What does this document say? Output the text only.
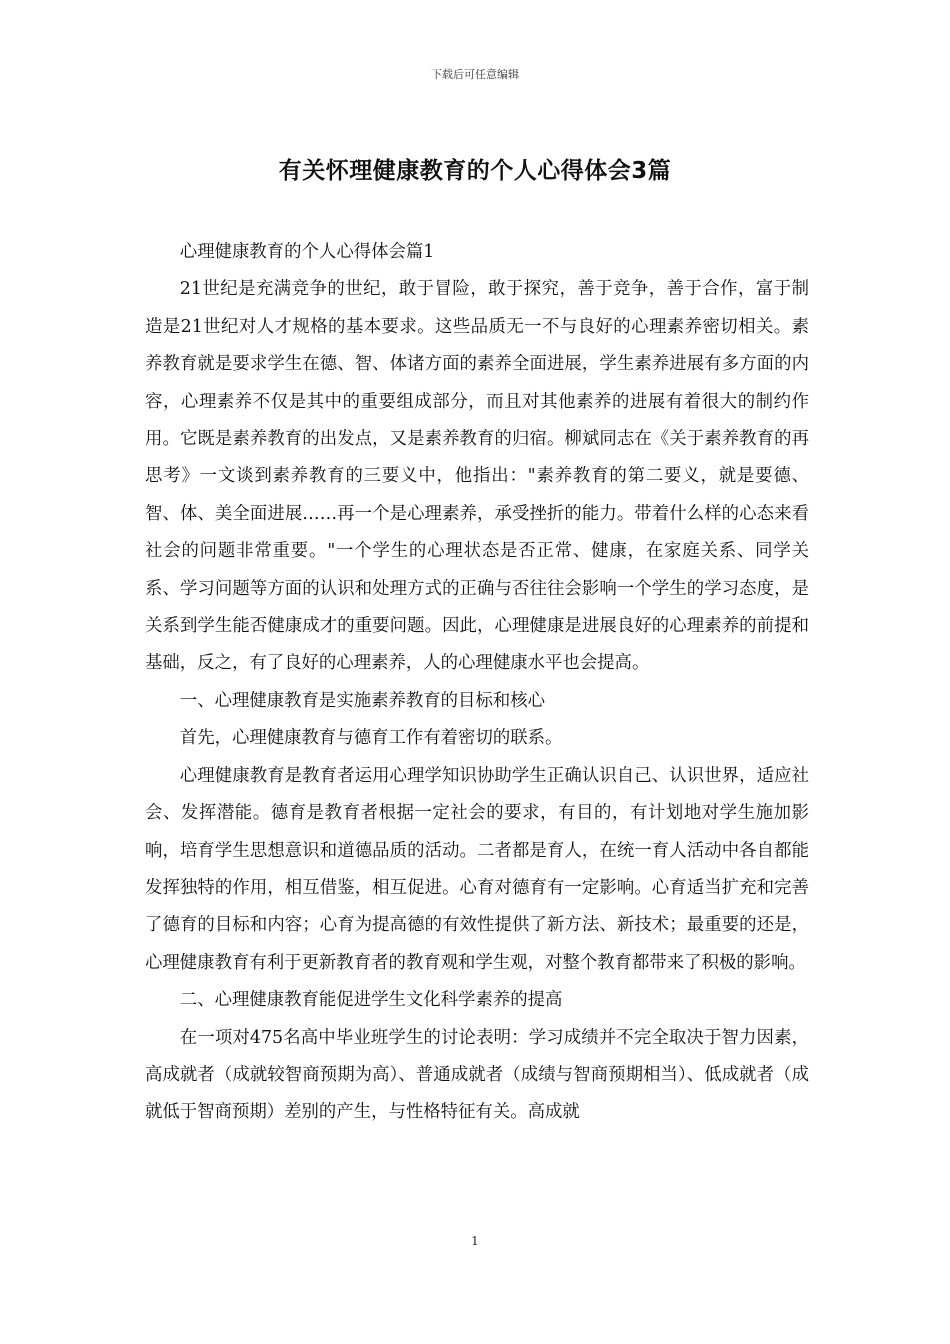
下载后可任意编辑
有关怀理健康教育的个人心得体会3篇

心理健康教育的个人心得体会篇1

21世纪是充满竞争的世纪，敢于冒险，敢于探究，善于竞争，善于合作，富于制造是21世纪对人才规格的基本要求。这些品质无一不与良好的心理素养密切相关。素养教育就是要求学生在德、智、体诸方面的素养全面进展，学生素养进展有多方面的内容，心理素养不仅是其中的重要组成部分，而且对其他素养的进展有着很大的制约作用。它既是素养教育的出发点，又是素养教育的归宿。柳斌同志在《关于素养教育的再思考》一文谈到素养教育的三要义中，他指出："素养教育的第二要义，就是要德、智、体、美全面进展……再一个是心理素养，承受挫折的能力。带着什么样的心态来看社会的问题非常重要。"一个学生的心理状态是否正常、健康，在家庭关系、同学关系、学习问题等方面的认识和处理方式的正确与否往往会影响一个学生的学习态度，是关系到学生能否健康成才的重要问题。因此，心理健康是进展良好的心理素养的前提和基础，反之，有了良好的心理素养，人的心理健康水平也会提高。

一、心理健康教育是实施素养教育的目标和核心

首先，心理健康教育与德育工作有着密切的联系。

心理健康教育是教育者运用心理学知识协助学生正确认识自己、认识世界，适应社会、发挥潜能。德育是教育者根据一定社会的要求，有目的，有计划地对学生施加影响，培育学生思想意识和道德品质的活动。二者都是育人，在统一育人活动中各自都能发挥独特的作用，相互借鉴，相互促进。心育对德育有一定影响。心育适当扩充和完善了德育的目标和内容；心育为提高德的有效性提供了新方法、新技术；最重要的还是，心理健康教育有利于更新教育者的教育观和学生观，对整个教育都带来了积极的影响。

二、心理健康教育能促进学生文化科学素养的提高

在一项对475名高中毕业班学生的讨论表明：学习成绩并不完全取决于智力因素，高成就者（成就较智商预期为高）、普通成就者（成绩与智商预期相当）、低成就者（成就低于智商预期）差别的产生，与性格特征有关。高成就

1
